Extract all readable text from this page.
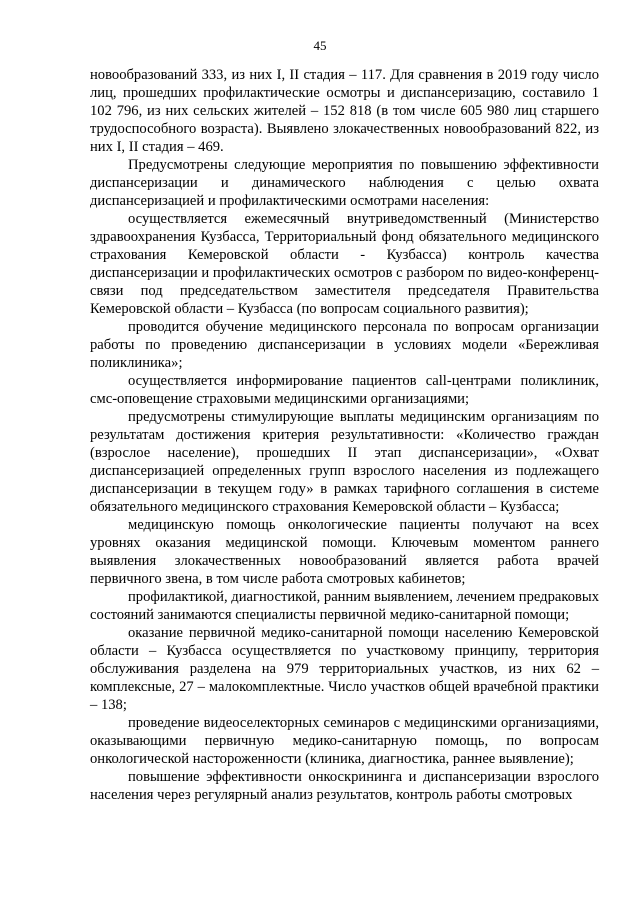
45

новообразований 333, из них I, II стадия – 117. Для сравнения в 2019 году число лиц, прошедших профилактические осмотры и диспансеризацию, составило 1 102 796, из них сельских жителей – 152 818 (в том числе 605 980 лиц старшего трудоспособного возраста). Выявлено злокачественных новообразований 822, из них I, II стадия – 469.

Предусмотрены следующие мероприятия по повышению эффективности диспансеризации и динамического наблюдения с целью охвата диспансеризацией и профилактическими осмотрами населения:

осуществляется ежемесячный внутриведомственный (Министерство здравоохранения Кузбасса, Территориальный фонд обязательного медицинского страхования Кемеровской области - Кузбасса) контроль качества диспансеризации и профилактических осмотров с разбором по видео-конференц-связи под председательством заместителя председателя Правительства Кемеровской области – Кузбасса (по вопросам социального развития);

проводится обучение медицинского персонала по вопросам организации работы по проведению диспансеризации в условиях модели «Бережливая поликлиника»;

осуществляется информирование пациентов call-центрами поликлиник, смс-оповещение страховыми медицинскими организациями;

предусмотрены стимулирующие выплаты медицинским организациям по результатам достижения критерия результативности: «Количество граждан (взрослое население), прошедших II этап диспансеризации», «Охват диспансеризацией определенных групп взрослого населения из подлежащего диспансеризации в текущем году» в рамках тарифного соглашения в системе обязательного медицинского страхования Кемеровской области – Кузбасса;

медицинскую помощь онкологические пациенты получают на всех уровнях оказания медицинской помощи. Ключевым моментом раннего выявления злокачественных новообразований является работа врачей первичного звена, в том числе работа смотровых кабинетов;

профилактикой, диагностикой, ранним выявлением, лечением предраковых состояний занимаются специалисты первичной медико-санитарной помощи;

оказание первичной медико-санитарной помощи населению Кемеровской области – Кузбасса осуществляется по участковому принципу, территория обслуживания разделена на 979 территориальных участков, из них 62 – комплексные, 27 – малокомплектные. Число участков общей врачебной практики – 138;

проведение видеоселекторных семинаров с медицинскими организациями, оказывающими первичную медико-санитарную помощь, по вопросам онкологической настороженности (клиника, диагностика, раннее выявление);

повышение эффективности онкоскрининга и диспансеризации взрослого населения через регулярный анализ результатов, контроль работы смотровых
